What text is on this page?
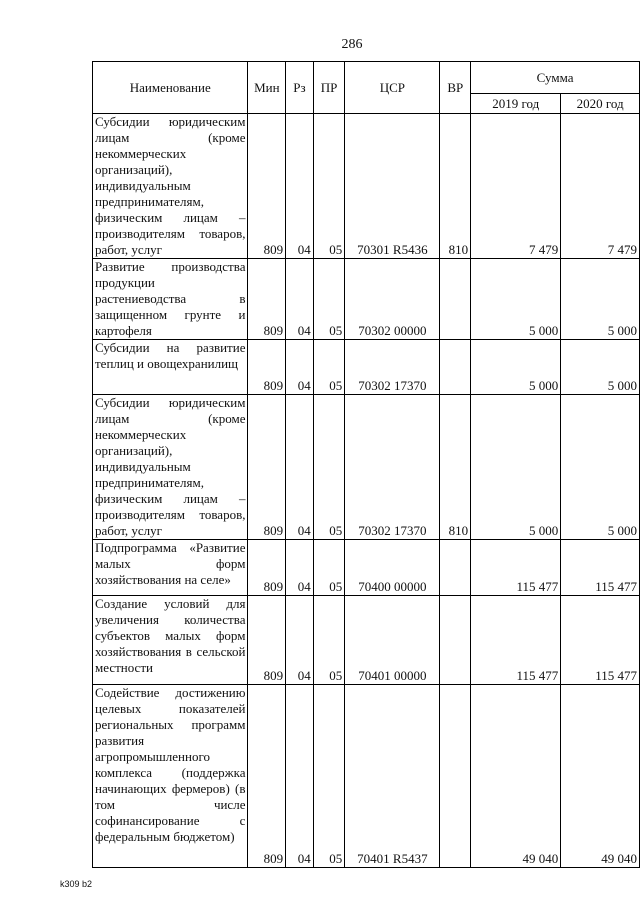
286
Наименование	Мин	Рз	ПР	ЦСР	ВР	Сумма	
						2019 год	2020 год
Субсидии юридическим лицам (кроме некоммерческих организаций), индивидуальным предпринимателям, физическим лицам – производителям товаров, работ, услуг	809	04	05	70301 R5436	810	7 479	7 479
Развитие производства продукции растениеводства в защищенном грунте и картофеля	809	04	05	70302 00000		5 000	5 000
Субсидии на развитие теплиц и овощехранилищ	809	04	05	70302 17370		5 000	5 000
Субсидии юридическим лицам (кроме некоммерческих организаций), индивидуальным предпринимателям, физическим лицам – производителям товаров, работ, услуг	809	04	05	70302 17370	810	5 000	5 000
Подпрограмма «Развитие малых форм хозяйствования на селе»	809	04	05	70400 00000		115 477	115 477
Создание условий для увеличения количества субъектов малых форм хозяйствования в сельской местности	809	04	05	70401 00000		115 477	115 477
Содействие достижению целевых показателей региональных программ развития агропромышленного комплекса (поддержка начинающих фермеров) (в том числе софинансирование с федеральным бюджетом)	809	04	05	70401 R5437		49 040	49 040
k309 b2
